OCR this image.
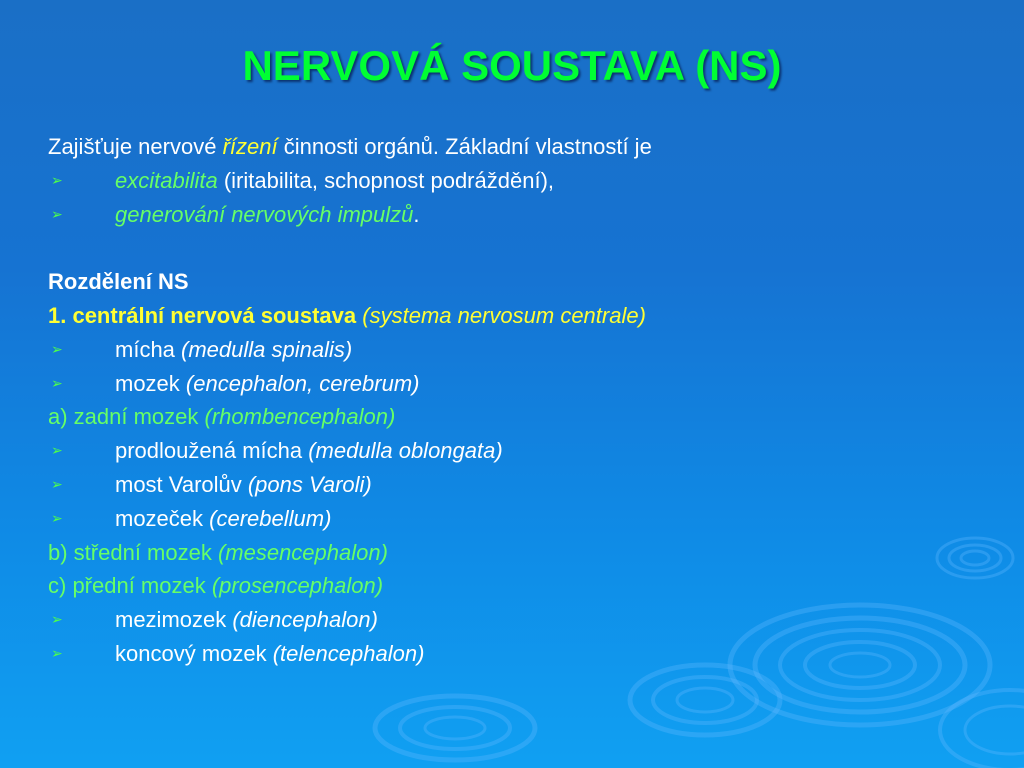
NERVOVÁ SOUSTAVA (NS)
Zajišťuje nervové řízení činnosti orgánů. Základní vlastností je
➢ excitabilita (iritabilita, schopnost podráždění),
➢ generování nervových impulzů.
Rozdělení NS
1. centrální nervová soustava (systema nervosum centrale)
➢ mícha (medulla spinalis)
➢ mozek (encephalon, cerebrum)
a) zadní mozek (rhombencephalon)
➢ prodloužená mícha (medulla oblongata)
➢ most Varolův (pons Varoli)
➢ mozeček (cerebellum)
b) střední mozek (mesencephalon)
c) přední mozek (prosencephalon)
➢ mezimozek (diencephalon)
➢ koncový mozek (telencephalon)
